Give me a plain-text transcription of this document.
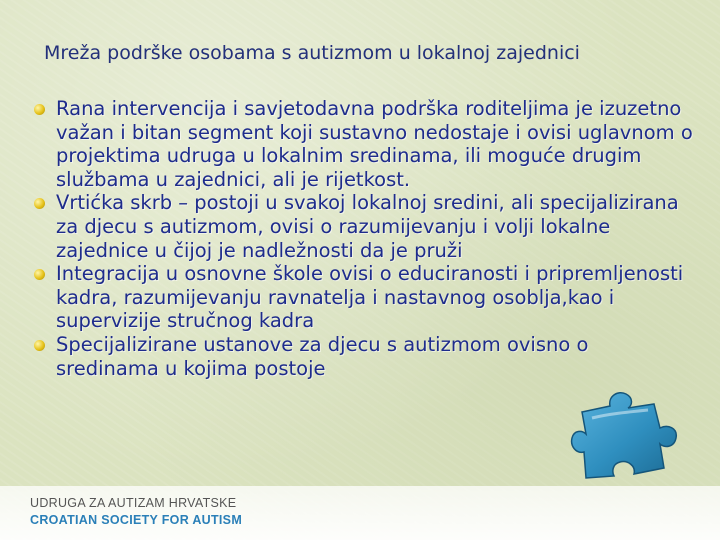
Mreža podrške osobama s autizmom u lokalnoj zajednici
Rana intervencija i savjetodavna podrška roditeljima je izuzetno važan i bitan segment koji sustavno nedostaje i ovisi uglavnom o projektima udruga u lokalnim sredinama, ili moguće drugim službama u zajednici, ali je rijetkost.
Vrtićka skrb – postoji u svakoj lokalnoj sredini, ali specijalizirana za djecu s autizmom, ovisi o razumijevanju i volji lokalne zajednice u čijoj je nadležnosti da je pruži
Integracija u osnovne škole ovisi o educiranosti i pripremljenosti kadra, razumijevanju ravnatelja i nastavnog osoblja,kao i supervizije stručnog kadra
Specijalizirane ustanove za djecu s autizmom ovisno o sredinama u kojima postoje
UDRUGA ZA AUTIZAM HRVATSKE
CROATIAN SOCIETY FOR AUTISM
